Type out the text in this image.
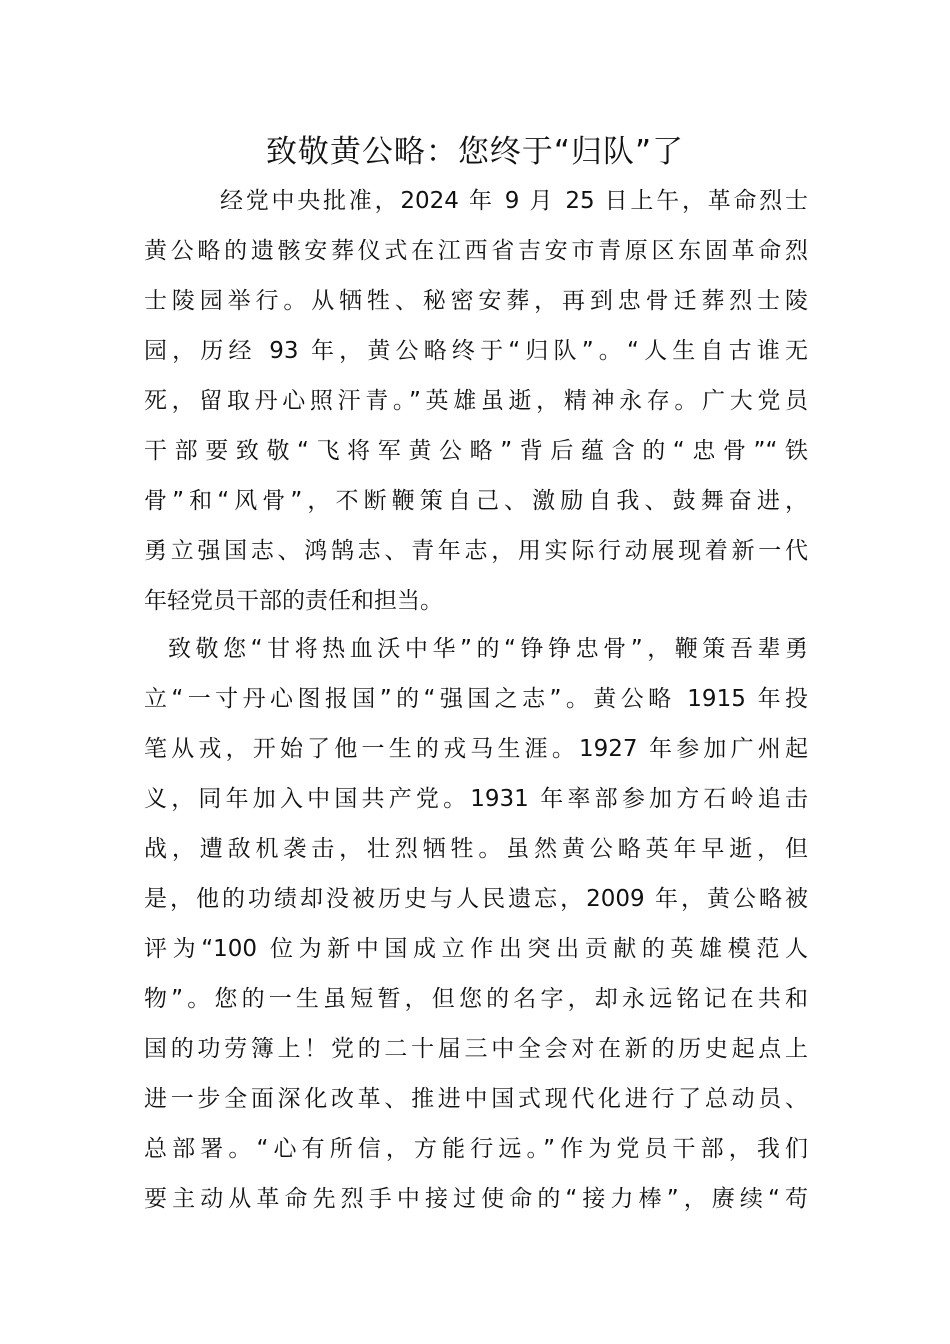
致敬黄公略：您终于“归队”了
经党中央批准，2024 年 9 月 25 日上午，革命烈士
黄公略的遗骸安葬仪式在江西省吉安市青原区东固革命烈
士陵园举行。从牺牲、秘密安葬，再到忠骨迁葬烈士陵
园，历经 93 年，黄公略终于“归队”。“人生自古谁无
死，留取丹心照汗青。”英雄虽逝，精神永存。广大党员
干部要致敬“飞将军黄公略”背后蕴含的“忠骨”“铁
骨”和“风骨”，不断鞭策自己、激励自我、鼓舞奋进，
勇立强国志、鸿鹄志、青年志，用实际行动展现着新一代
年轻党员干部的责任和担当。
致敬您“甘将热血沃中华”的“铮铮忠骨”，鞭策吾辈勇
立“一寸丹心图报国”的“强国之志”。黄公略 1915 年投
笔从戎，开始了他一生的戎马生涯。1927 年参加广州起
义，同年加入中国共产党。1931 年率部参加方石岭追击
战，遭敌机袭击，壮烈牺牲。虽然黄公略英年早逝，但
是，他的功绩却没被历史与人民遗忘，2009 年，黄公略被
评为“100 位为新中国成立作出突出贡献的英雄模范人
物”。您的一生虽短暂，但您的名字，却永远铭记在共和
国的功劳簿上！党的二十届三中全会对在新的历史起点上
进一步全面深化改革、推进中国式现代化进行了总动员、
总部署。“心有所信，方能行远。”作为党员干部，我们
要主动从革命先烈手中接过使命的“接力棒”，赓续“苟
